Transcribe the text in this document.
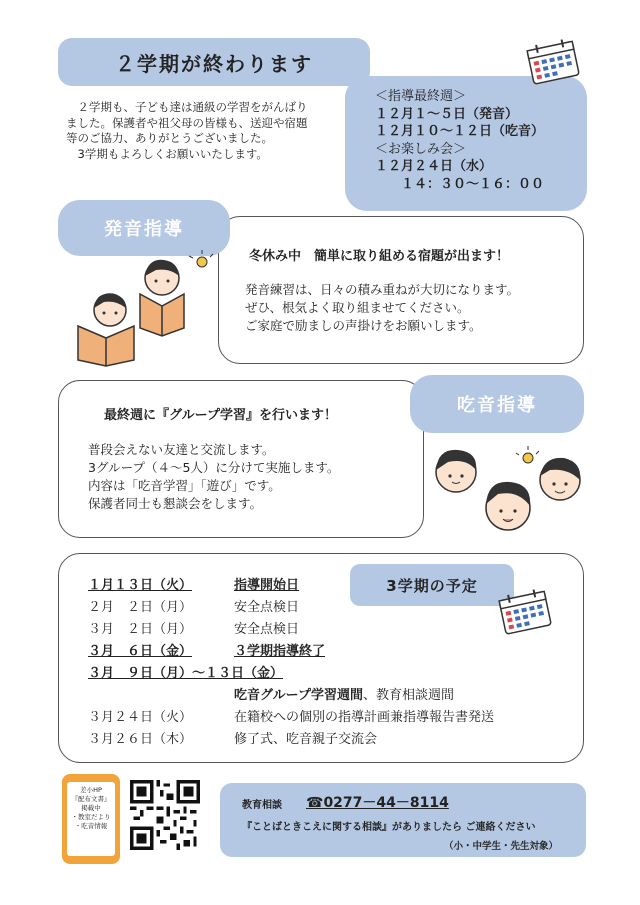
２学期が終わります
　２学期も、子ども達は通級の学習をがんばり
ました。保護者や祖父母の皆様も、送迎や宿題
等のご協力、ありがとうございました。
　3学期もよろしくお願いいたします。
＜指導最終週＞
１２月１～５日（発音）
１２月１０～１２日（吃音）
＜お楽しみ会＞
１２月２４日（水）
　　１４：３０～１６：００
発音指導
冬休み中　簡単に取り組める宿題が出ます！
発音練習は、日々の積み重ねが大切になります。
ぜひ、根気よく取り組ませてください。
ご家庭で励ましの声掛けをお願いします。
吃音指導
最終週に『グループ学習』を行います！
普段会えない友達と交流します。
3グループ（４～5人）に分けて実施します。
内容は「吃音学習」「遊び」です。
保護者同士も懇談会をします。
3学期の予定
１月１３日（火）	指導開始日
２月　２日（月）	安全点検日
３月　２日（月）	安全点検日
３月　６日（金）	３学期指導終了
３月　９日（月）～１３日（金）
吃音グループ学習週間 、教育相談週間
３月２４日（火）	在籍校への個別の指導計画兼指導報告書発送
３月２６日（木）	修了式、吃音親子交流会
差小HP
『配布文書』
掲載中
・教室だより
・吃音情報
教育相談 ☎0277－44－8114
『ことばときこえに関する相談』がありましたら ご連絡ください
（小・中学生・先生対象）
